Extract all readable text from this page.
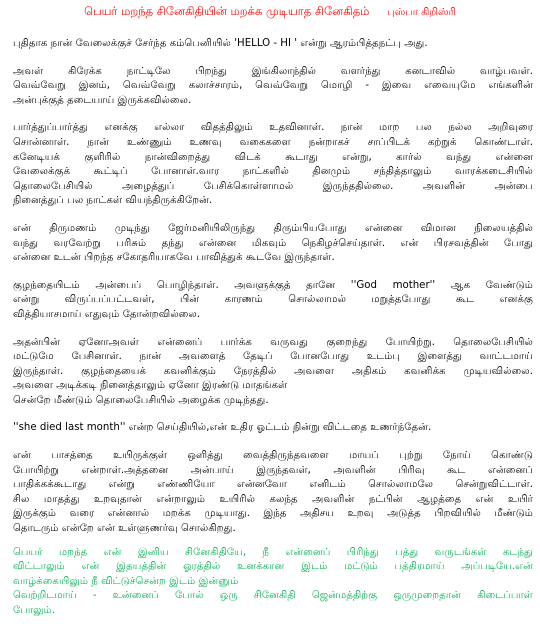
பெயர் மறந்த சினேகிதியின் மறக்க முடியாத சினேகிதம் புஸ்பா கிறிஸ்ரி
புதிதாக நான் வேலைக்குச் சேர்ந்த கம்பெனியில் 'HELLO - HI ' என்று ஆரம்பித்தநட்பு அது.
அவள் கிரேக்க நாட்டிலே பிறந்து இங்கிலாந்தில் வளர்ந்து கனடாவில் வாழ்பவள்.
வெவ்வேறு இனம், வெவ்வேறு கலாச்சாரம், வெவ்வேறு மொழி - இவை எவையுமே எங்களின்
அன்புக்குத் தடையாய் இருக்கவில்லை.
பார்த்துப்பார்த்து எனக்கு எல்லா விதத்திலும் உதவினாள். நான் மாற பல நல்ல அறிவுரை
சொன்னாள். நான் உண்ணும் உணவு வகைகளை நன்றாகச் சாப்பிடக் கற்றுக் கொண்டாள்.
கனேடியக் குளிரில் நான்விறைத்து விடக் கூடாது என்று, கார்ல் வந்து என்னை
வேலைக்குக் கூட்டிப் போனாள்.வார நாட்களில் தினமும் சந்தித்தாலும் வாரக்கடைசியில்
தொலைபேசியில் அழைத்துப் பேசிக்கொள்ளாமல் இருந்ததில்லை. அவளின் அன்பை
நினைத்துப் பல நாட்கள் வியந்திருக்கிறேன்.
என் திருமணம் முடிந்து ஜேர்மனியிலிருந்து திரும்பியபோது என்னை விமான நிலையத்தில்
வந்து வரவேற்று பரிசும் தந்து என்னை மிகவும் நெகிழச்செய்தாள். என் பிரசவத்தின் போது
என்னை உடன் பிறந்த சகோதரியாகவே பாவித்துக் கூடவே இருந்தாள்.
குழந்தையிடம் அன்பைப் பொழிந்தாள். அவளுக்குத் தானே ''God mother'' ஆக வேண்டும்
என்று விருப்பப்பட்டவள், பின் காரணம் சொல்லாமல் மறுத்தபோது கூட எனக்கு
வித்தியாசமாய் எதுவும் தோன்றவில்லை.
அதன்பின் ஏனோஅவள் என்னைப் பார்க்க வருவது குறைந்து போயிற்று. தொலைபேசியில்
மட்டுமே பேசினாள். நான் அவளைத் தேடிப் போனபோது உடம்பு இளைத்து வாட்டமாய்
இருந்தாள். குழந்தையைக் கவனிக்கும் நேரத்தில் அவளை அதிகம் கவனிக்க முடியவில்லை.
அவளை அடிக்கடி நினைத்தாலும் ஏனோ இரண்டு மாதங்கள்
சென்றே மீண்டும் தொலைபேசியில் அழைக்க முடிந்தது.
''she died last month'' என்ற செய்தியில்,என் உதிர ஓட்டம் நின்று விட்டதை உணர்ந்தேன்.
என் பாசத்தை உயிருக்குள் ஒளித்து வைத்திருந்தவளை மாயப் புற்று நோய் கொண்டு
போயிற்று என்றாள்.அத்தனை அன்பாய் இருந்தவள், அவளின் பிரிவு கூட என்னைப்
பாதிக்கக்கூடாது என்று எண்ணியோ என்னவோ எனிடம் சொல்லாமலே சென்றுவிட்டாள்.
சில மாதத்து உறவுதான் என்றாலும் உயிரில் கலந்த அவளின் நட்பின் ஆழத்தை என் உயிர்
இருக்கும் வரை என்னால் மறக்க முடியாது. இந்த அதிசய உறவு அடுத்த பிறவியில் மீண்டும்
தொடரும் என்றே என் உள்ளுணர்வு சொல்கிறது.
பெயர் மறந்த என் இனிய சினேகிதியே, நீ என்னைப் பிரிந்து பத்து வருடங்கள் கடந்து
விட்டாலும் என் இதயத்தின் ஓரத்தில் உனக்கான இடம் மட்டும் பத்திரமாய் அப்படியே.என்
வாழ்க்கையிலும் நீ விட்டுச்சென்ற இடம் இன்னும்
வெற்றிடமாய் - உன்னைப் போல் ஒரு சினேகிதி ஜென்மத்திற்கு ஒருமுறைதான் கிடைப்பாள்
போலும்.
